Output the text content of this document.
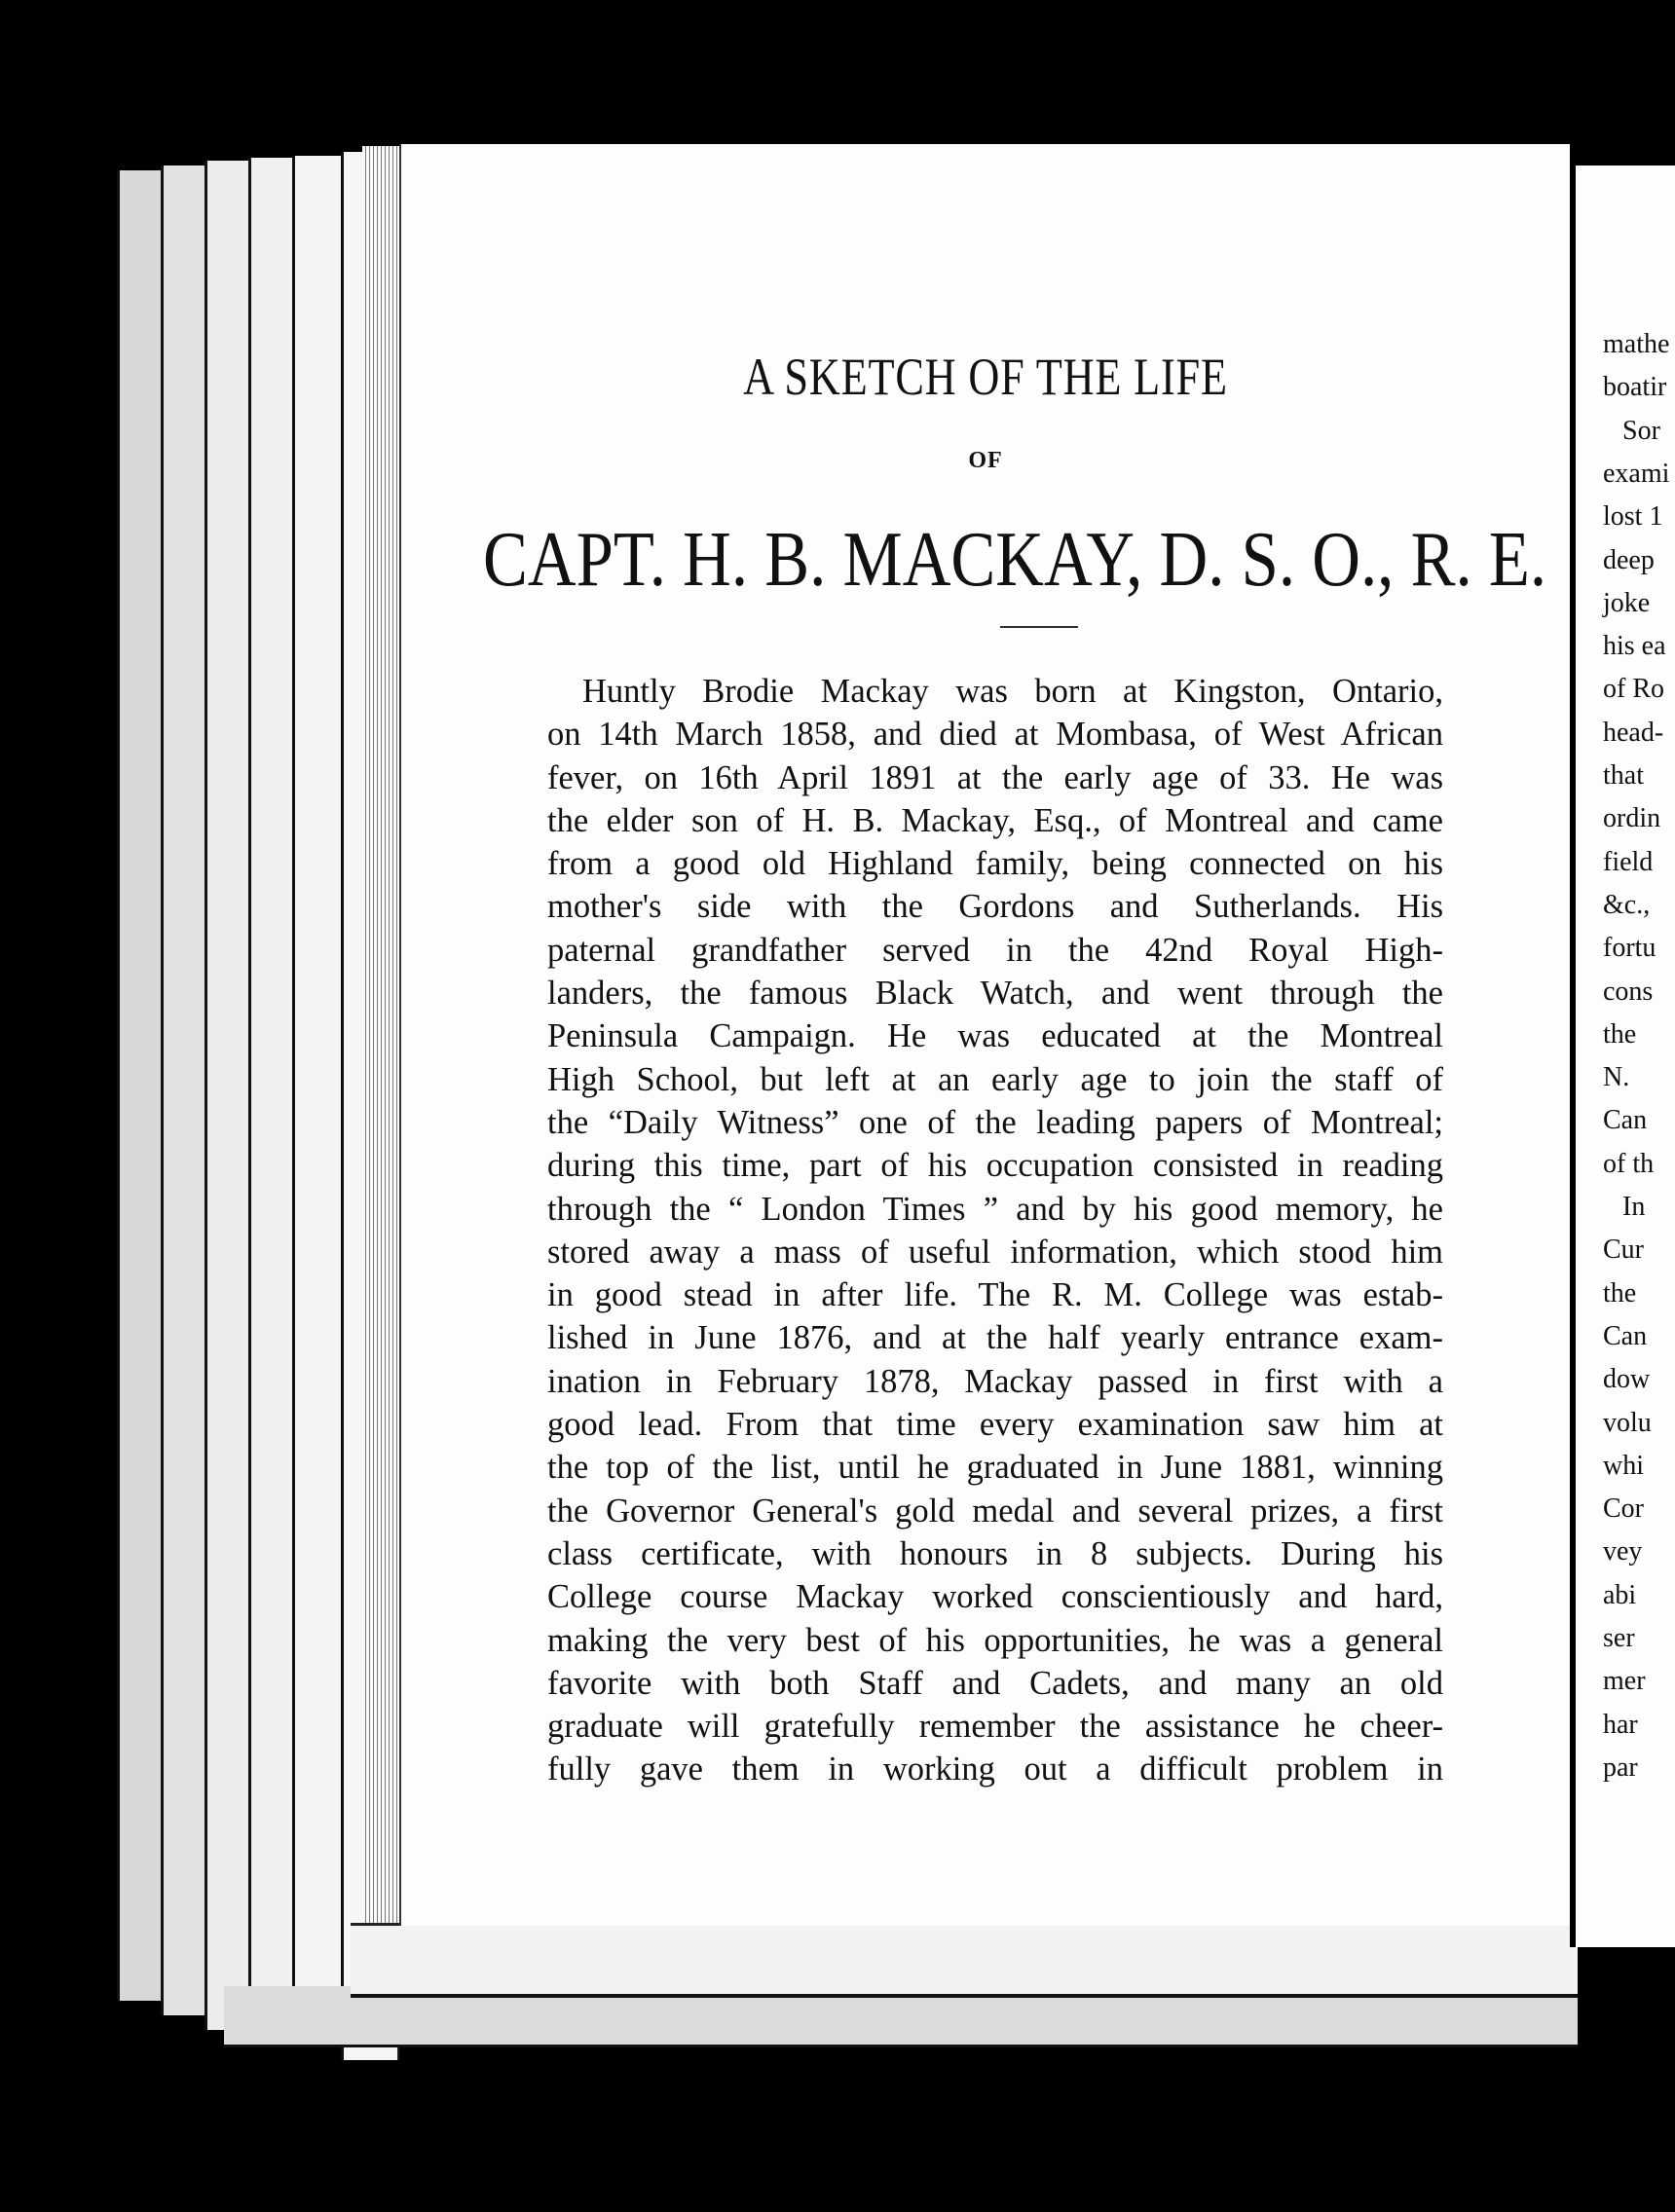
A SKETCH OF THE LIFE
OF
CAPT. H. B. MACKAY, D. S. O., R. E.
Huntly Brodie Mackay was born at Kingston, Ontario,
on 14th March 1858, and died at Mombasa, of West African
fever, on 16th April 1891 at the early age of 33. He was
the elder son of H. B. Mackay, Esq., of Montreal and came
from a good old Highland family, being connected on his
mother's side with the Gordons and Sutherlands. His
paternal grandfather served in the 42nd Royal High-
landers, the famous Black Watch, and went through the
Peninsula Campaign. He was educated at the Montreal
High School, but left at an early age to join the staff of
the “Daily Witness” one of the leading papers of Montreal;
during this time, part of his occupation consisted in reading
through the “ London Times ” and by his good memory, he
stored away a mass of useful information, which stood him
in good stead in after life. The R. M. College was estab-
lished in June 1876, and at the half yearly entrance exam-
ination in February 1878, Mackay passed in first with a
good lead. From that time every examination saw him at
the top of the list, until he graduated in June 1881, winning
the Governor General's gold medal and several prizes, a first
class certificate, with honours in 8 subjects. During his
College course Mackay worked conscientiously and hard,
making the very best of his opportunities, he was a general
favorite with both Staff and Cadets, and many an old
graduate will gratefully remember the assistance he cheer-
fully gave them in working out a difficult problem in
mathe
boatir
Sor
exami
lost 1
deep
joke
his ea
of Ro
head-
that
ordin
field
&c.,
fortu
cons
the
N.
Can
of th
In
Cur
the
Can
dow
volu
whi
Cor
vey
abi
ser
mer
har
par
